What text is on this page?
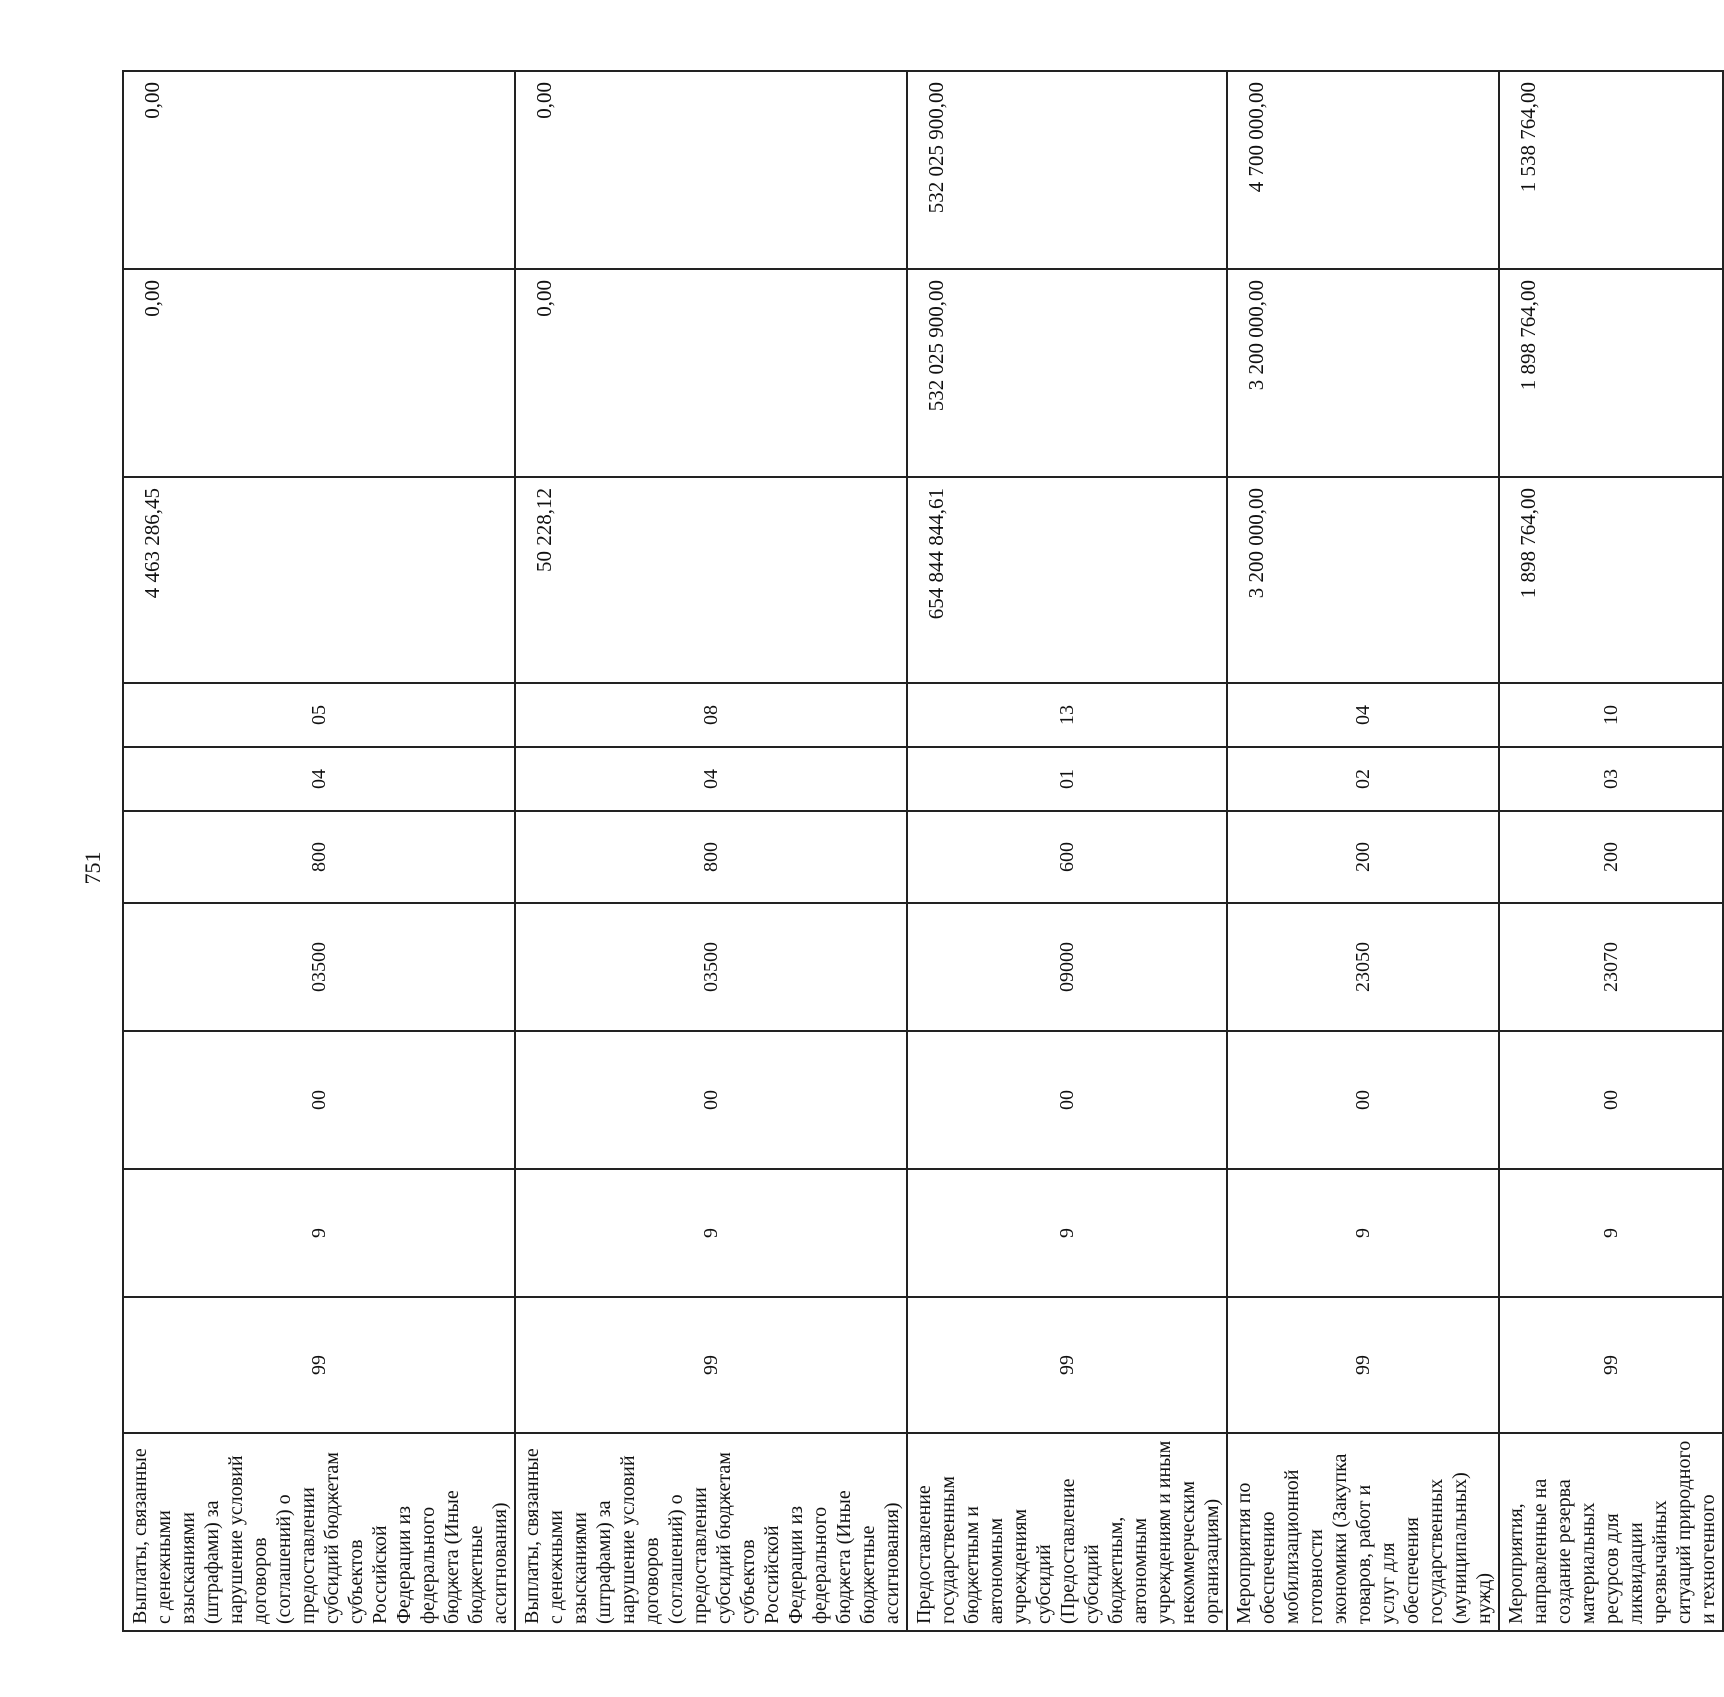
751
Выплаты, связанные с денежными взысканиями (штрафами) за нарушение условий договоров (соглашений) о предоставлении субсидий бюджетам субъектов Российской Федерации из федерального бюджета (Иные бюджетные ассигнования)	99	9	00	03500	800	04	05	4 463 286,45	0,00	0,00
Выплаты, связанные с денежными взысканиями (штрафами) за нарушение условий договоров (соглашений) о предоставлении субсидий бюджетам субъектов Российской Федерации из федерального бюджета (Иные бюджетные ассигнования)	99	9	00	03500	800	04	08	50 228,12	0,00	0,00
Предоставление государственным бюджетным и автономным учреждениям субсидий (Предоставление субсидий бюджетным, автономным учреждениям и иным некоммерческим организациям)	99	9	00	09000	600	01	13	654 844 844,61	532 025 900,00	532 025 900,00
Мероприятия по обеспечению мобилизационной готовности экономики (Закупка товаров, работ и услуг для обеспечения государственных (муниципальных) нужд)	99	9	00	23050	200	02	04	3 200 000,00	3 200 000,00	4 700 000,00
Мероприятия, направленные на создание резерва материальных ресурсов для ликвидации чрезвычайных ситуаций природного и техногенного	99	9	00	23070	200	03	10	1 898 764,00	1 898 764,00	1 538 764,00
